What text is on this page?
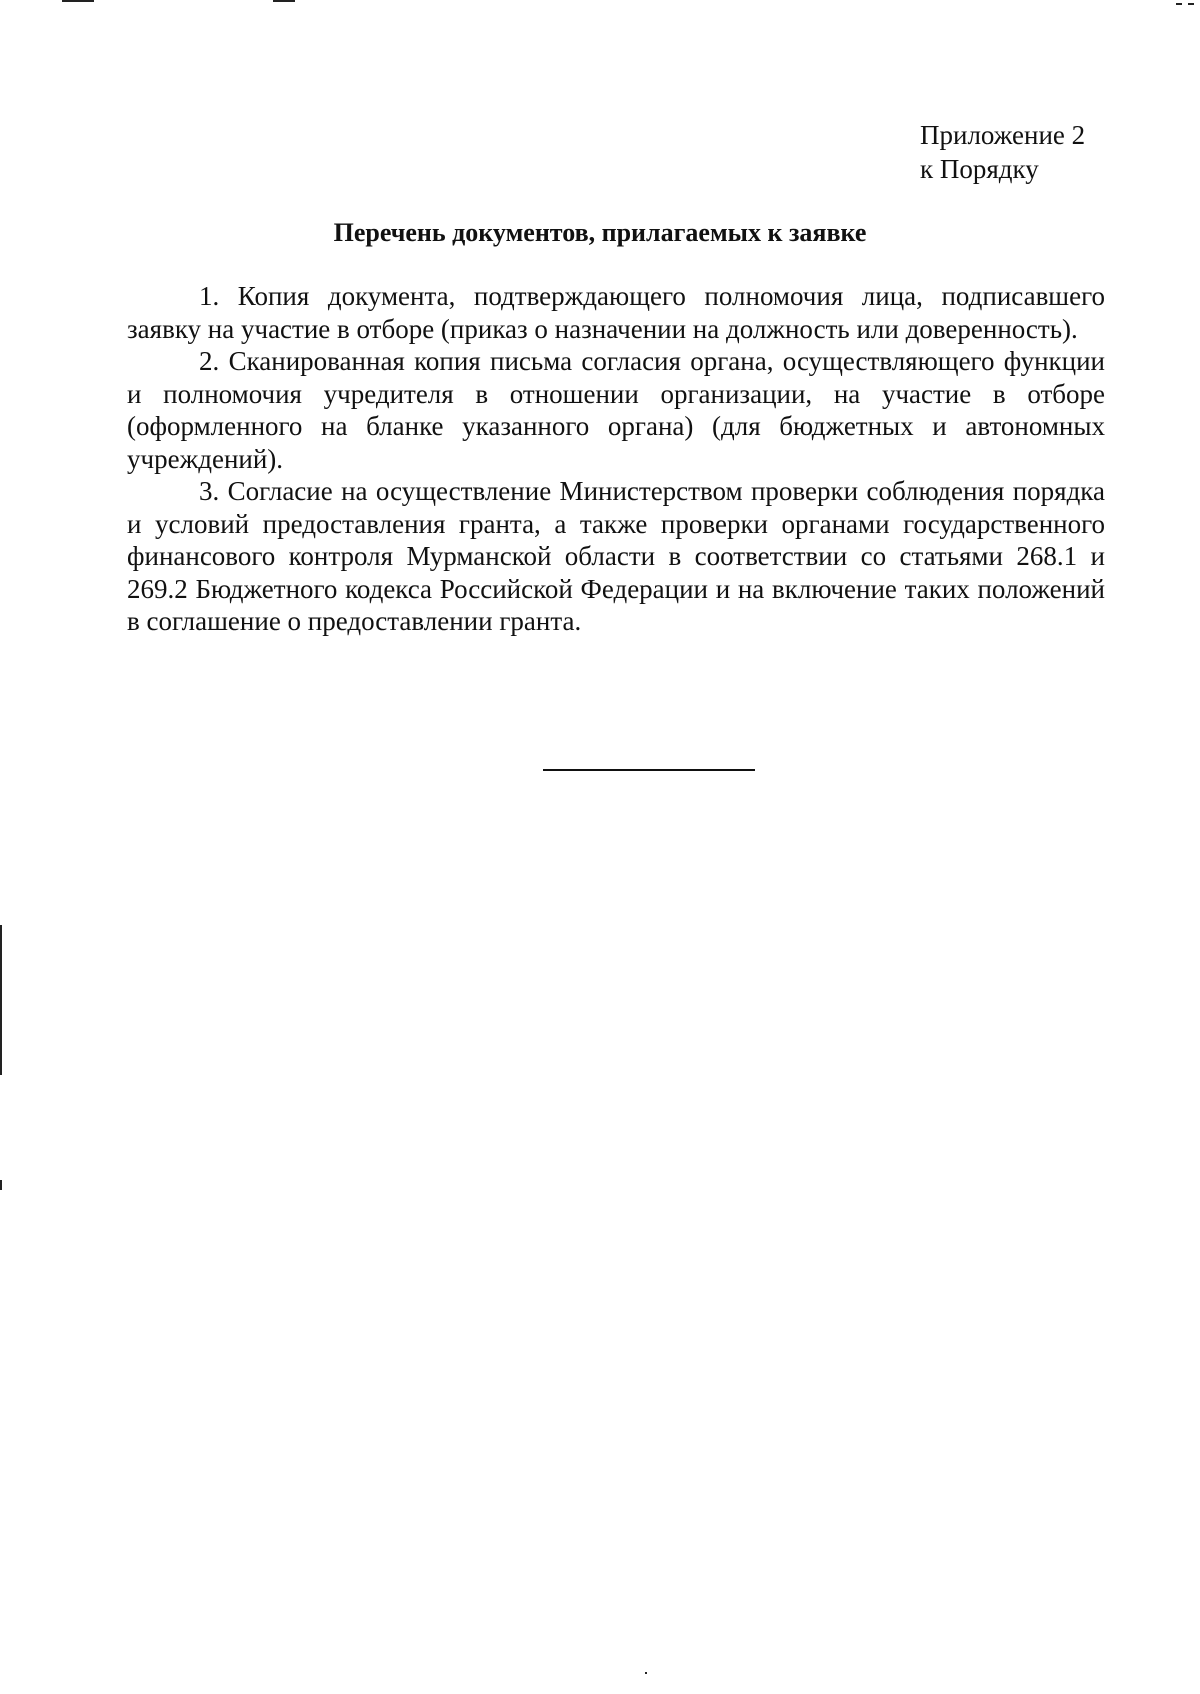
Приложение 2
к Порядку
Перечень документов, прилагаемых к заявке

1. Копия документа, подтверждающего полномочия лица, подписавшего заявку на участие в отборе (приказ о назначении на должность или доверенность).

2. Сканированная копия письма согласия органа, осуществляющего функции и полномочия учредителя в отношении организации, на участие в отборе (оформленного на бланке указанного органа) (для бюджетных и автономных учреждений).

3. Согласие на осуществление Министерством проверки соблюдения порядка и условий предоставления гранта, а также проверки органами государственного финансового контроля Мурманской области в соответствии со статьями 268.1 и 269.2 Бюджетного кодекса Российской Федерации и на включение таких положений в соглашение о предоставлении гранта.
